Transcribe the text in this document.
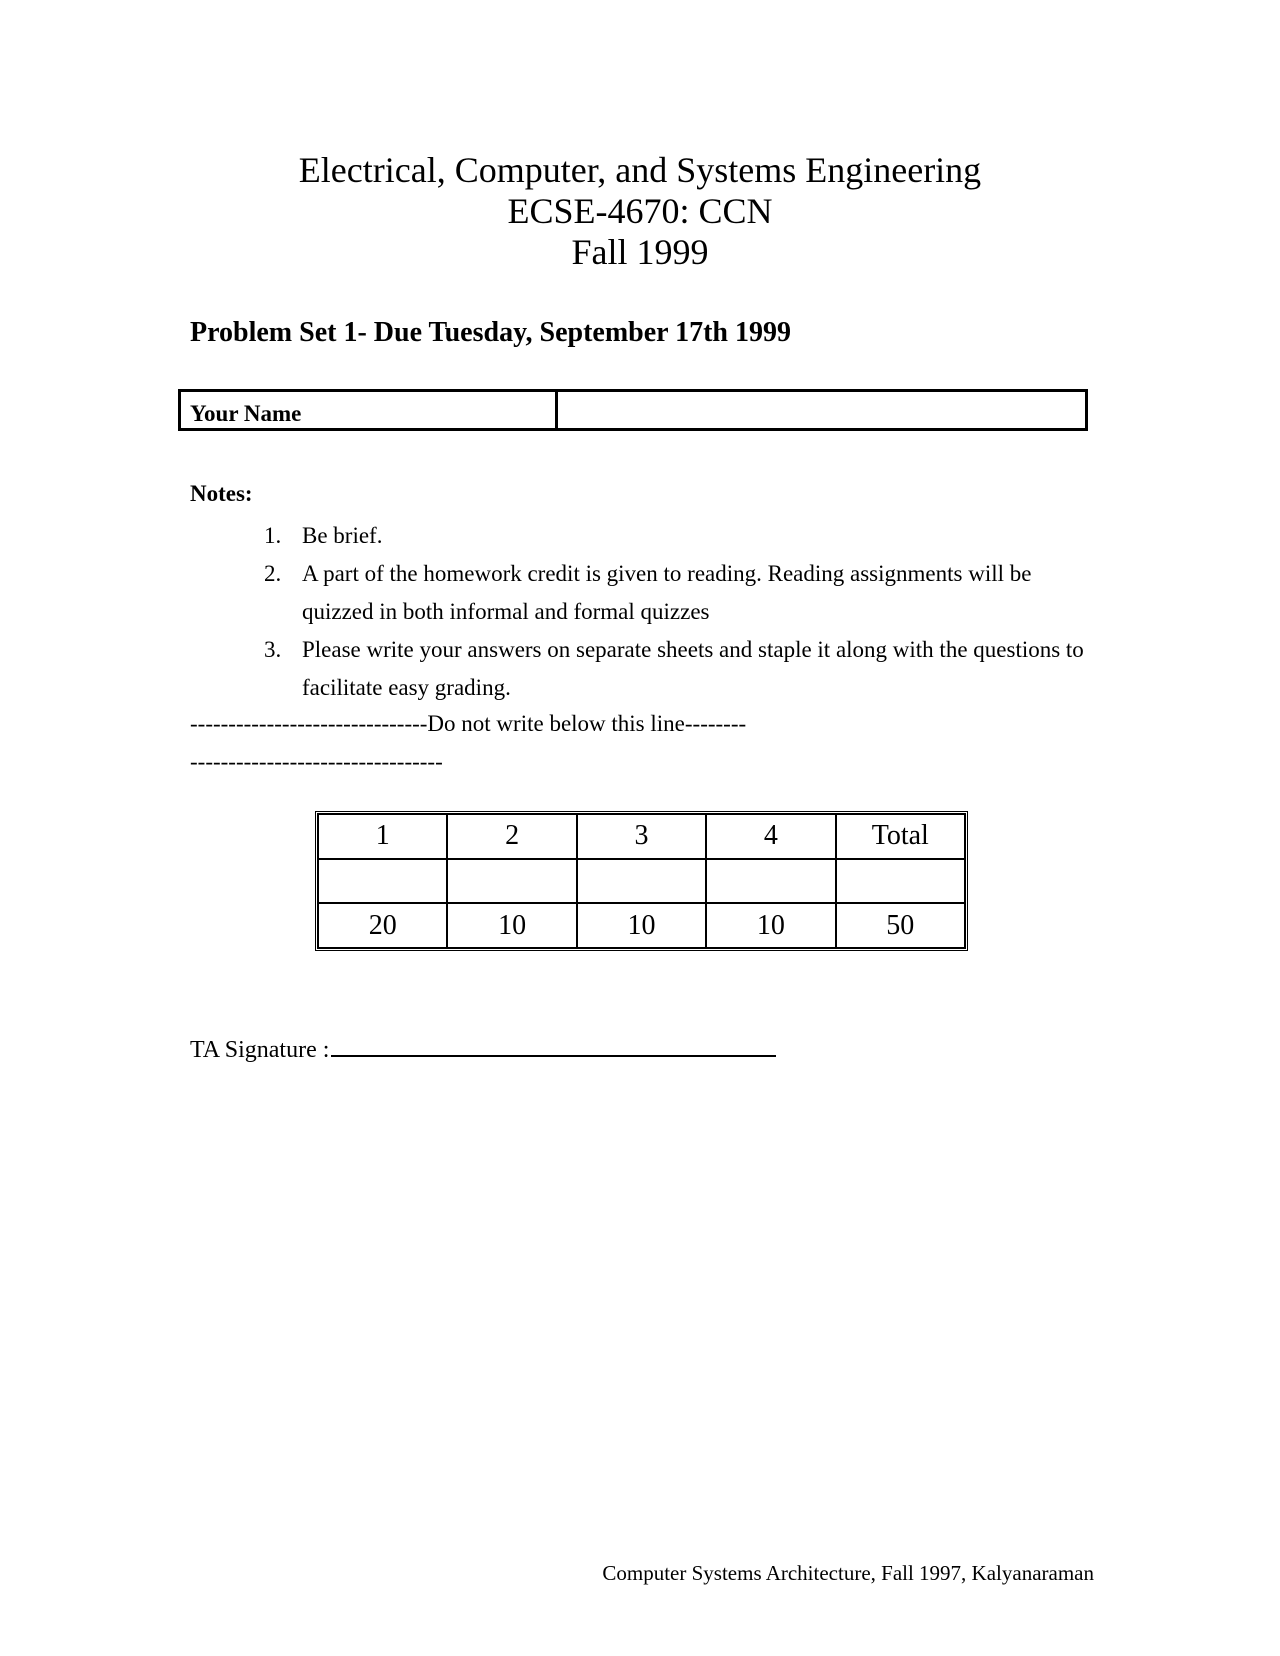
Electrical, Computer, and Systems Engineering
ECSE-4670: CCN
Fall 1999
Problem Set 1- Due Tuesday, September 17th 1999
Your Name
Notes:
1. Be brief.
2. A part of the homework credit is given to reading. Reading assignments will be quizzed in both informal and formal quizzes
3. Please write your answers on separate sheets and staple it along with the questions to facilitate easy grading.
-------------------------------Do not write below this line-----------------------------------------
1	2	3	4	Total

20	10	10	10	50
TA Signature :
Computer Systems Architecture, Fall 1997, Kalyanaraman
